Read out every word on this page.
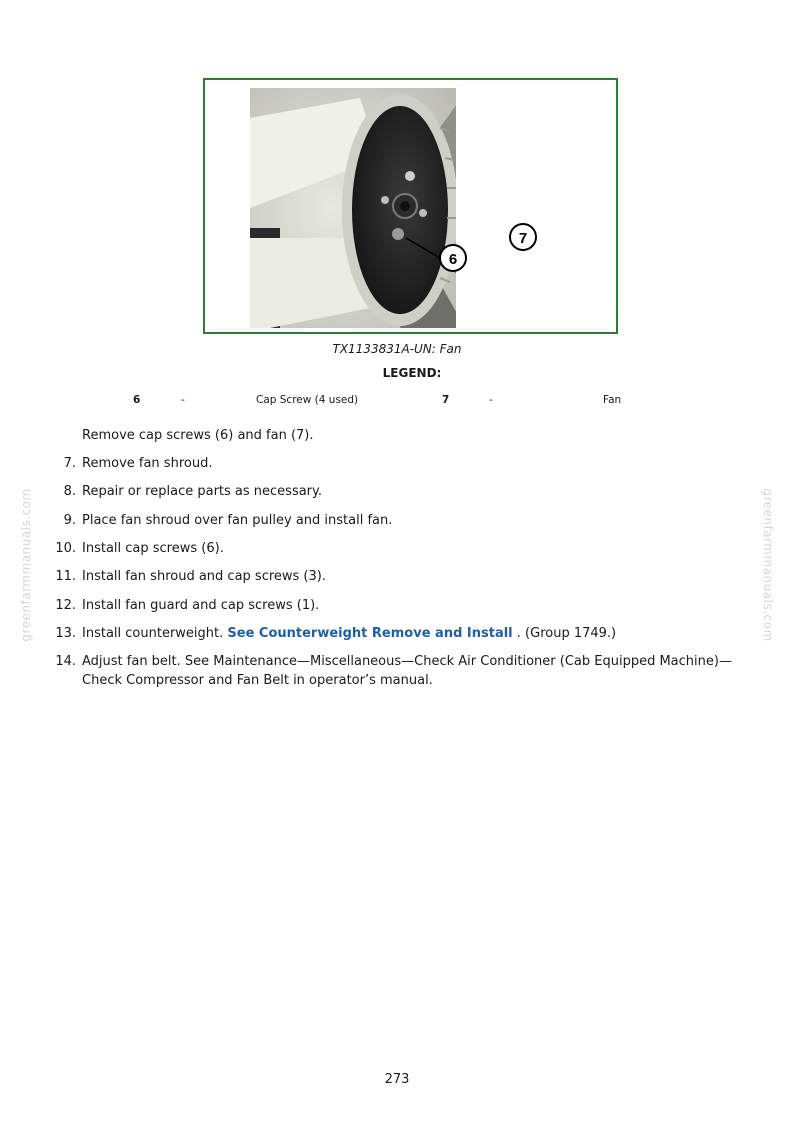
7
6
TX1133831A-UN: Fan
LEGEND:
6	-	Cap Screw (4 used)	7	-	Fan
greenfarmmanuals.com	greenfarmmanuals.com
Remove cap screws (6) and fan (7).
7. Remove fan shroud.
8. Repair or replace parts as necessary.
9. Place fan shroud over fan pulley and install fan.
10. Install cap screws (6).
11. Install fan shroud and cap screws (3).
12. Install fan guard and cap screws (1).
13. Install counterweight. See Counterweight Remove and Install . (Group 1749.)
14. Adjust fan belt. See Maintenance—Miscellaneous—Check Air Conditioner (Cab Equipped Machine)—
Check Compressor and Fan Belt in operator’s manual.
273
